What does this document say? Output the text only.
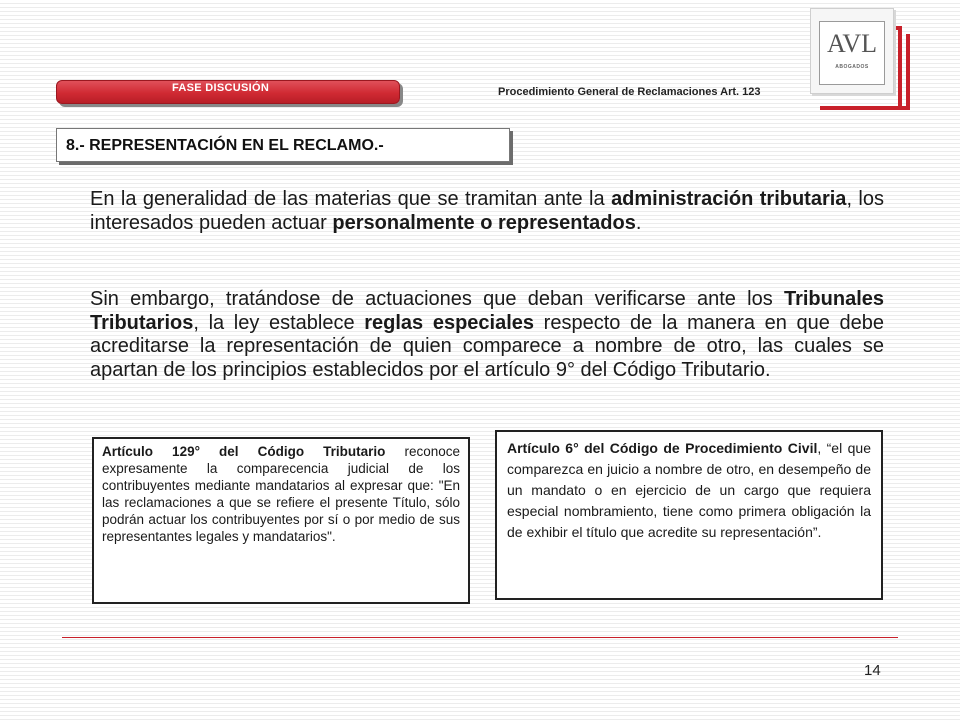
AVL
ABOGADOS
FASE DISCUSIÓN	Procedimiento General de Reclamaciones Art. 123
8.- REPRESENTACIÓN EN EL RECLAMO.-

En la generalidad de las materias que se tramitan ante la administración tributaria, los interesados pueden actuar personalmente o representados.

Sin embargo, tratándose de actuaciones que deban verificarse ante los Tribunales Tributarios, la ley establece reglas especiales respecto de la manera en que debe acreditarse la representación de quien comparece a nombre de otro, las cuales se apartan de los principios establecidos por el artículo 9° del Código Tributario.

Artículo 129° del Código Tributario reconoce expresamente la comparecencia judicial de los contribuyentes mediante mandatarios al expresar que: "En las reclamaciones a que se refiere el presente Título, sólo podrán actuar los contribuyentes por sí o por medio de sus representantes legales y mandatarios".
Artículo 6° del Código de Procedimiento Civil, “el que comparezca en juicio a nombre de otro, en desempeño de un mandato o en ejercicio de un cargo que requiera especial nombramiento, tiene como primera obligación la de exhibir el título que acredite su representación”.
14
